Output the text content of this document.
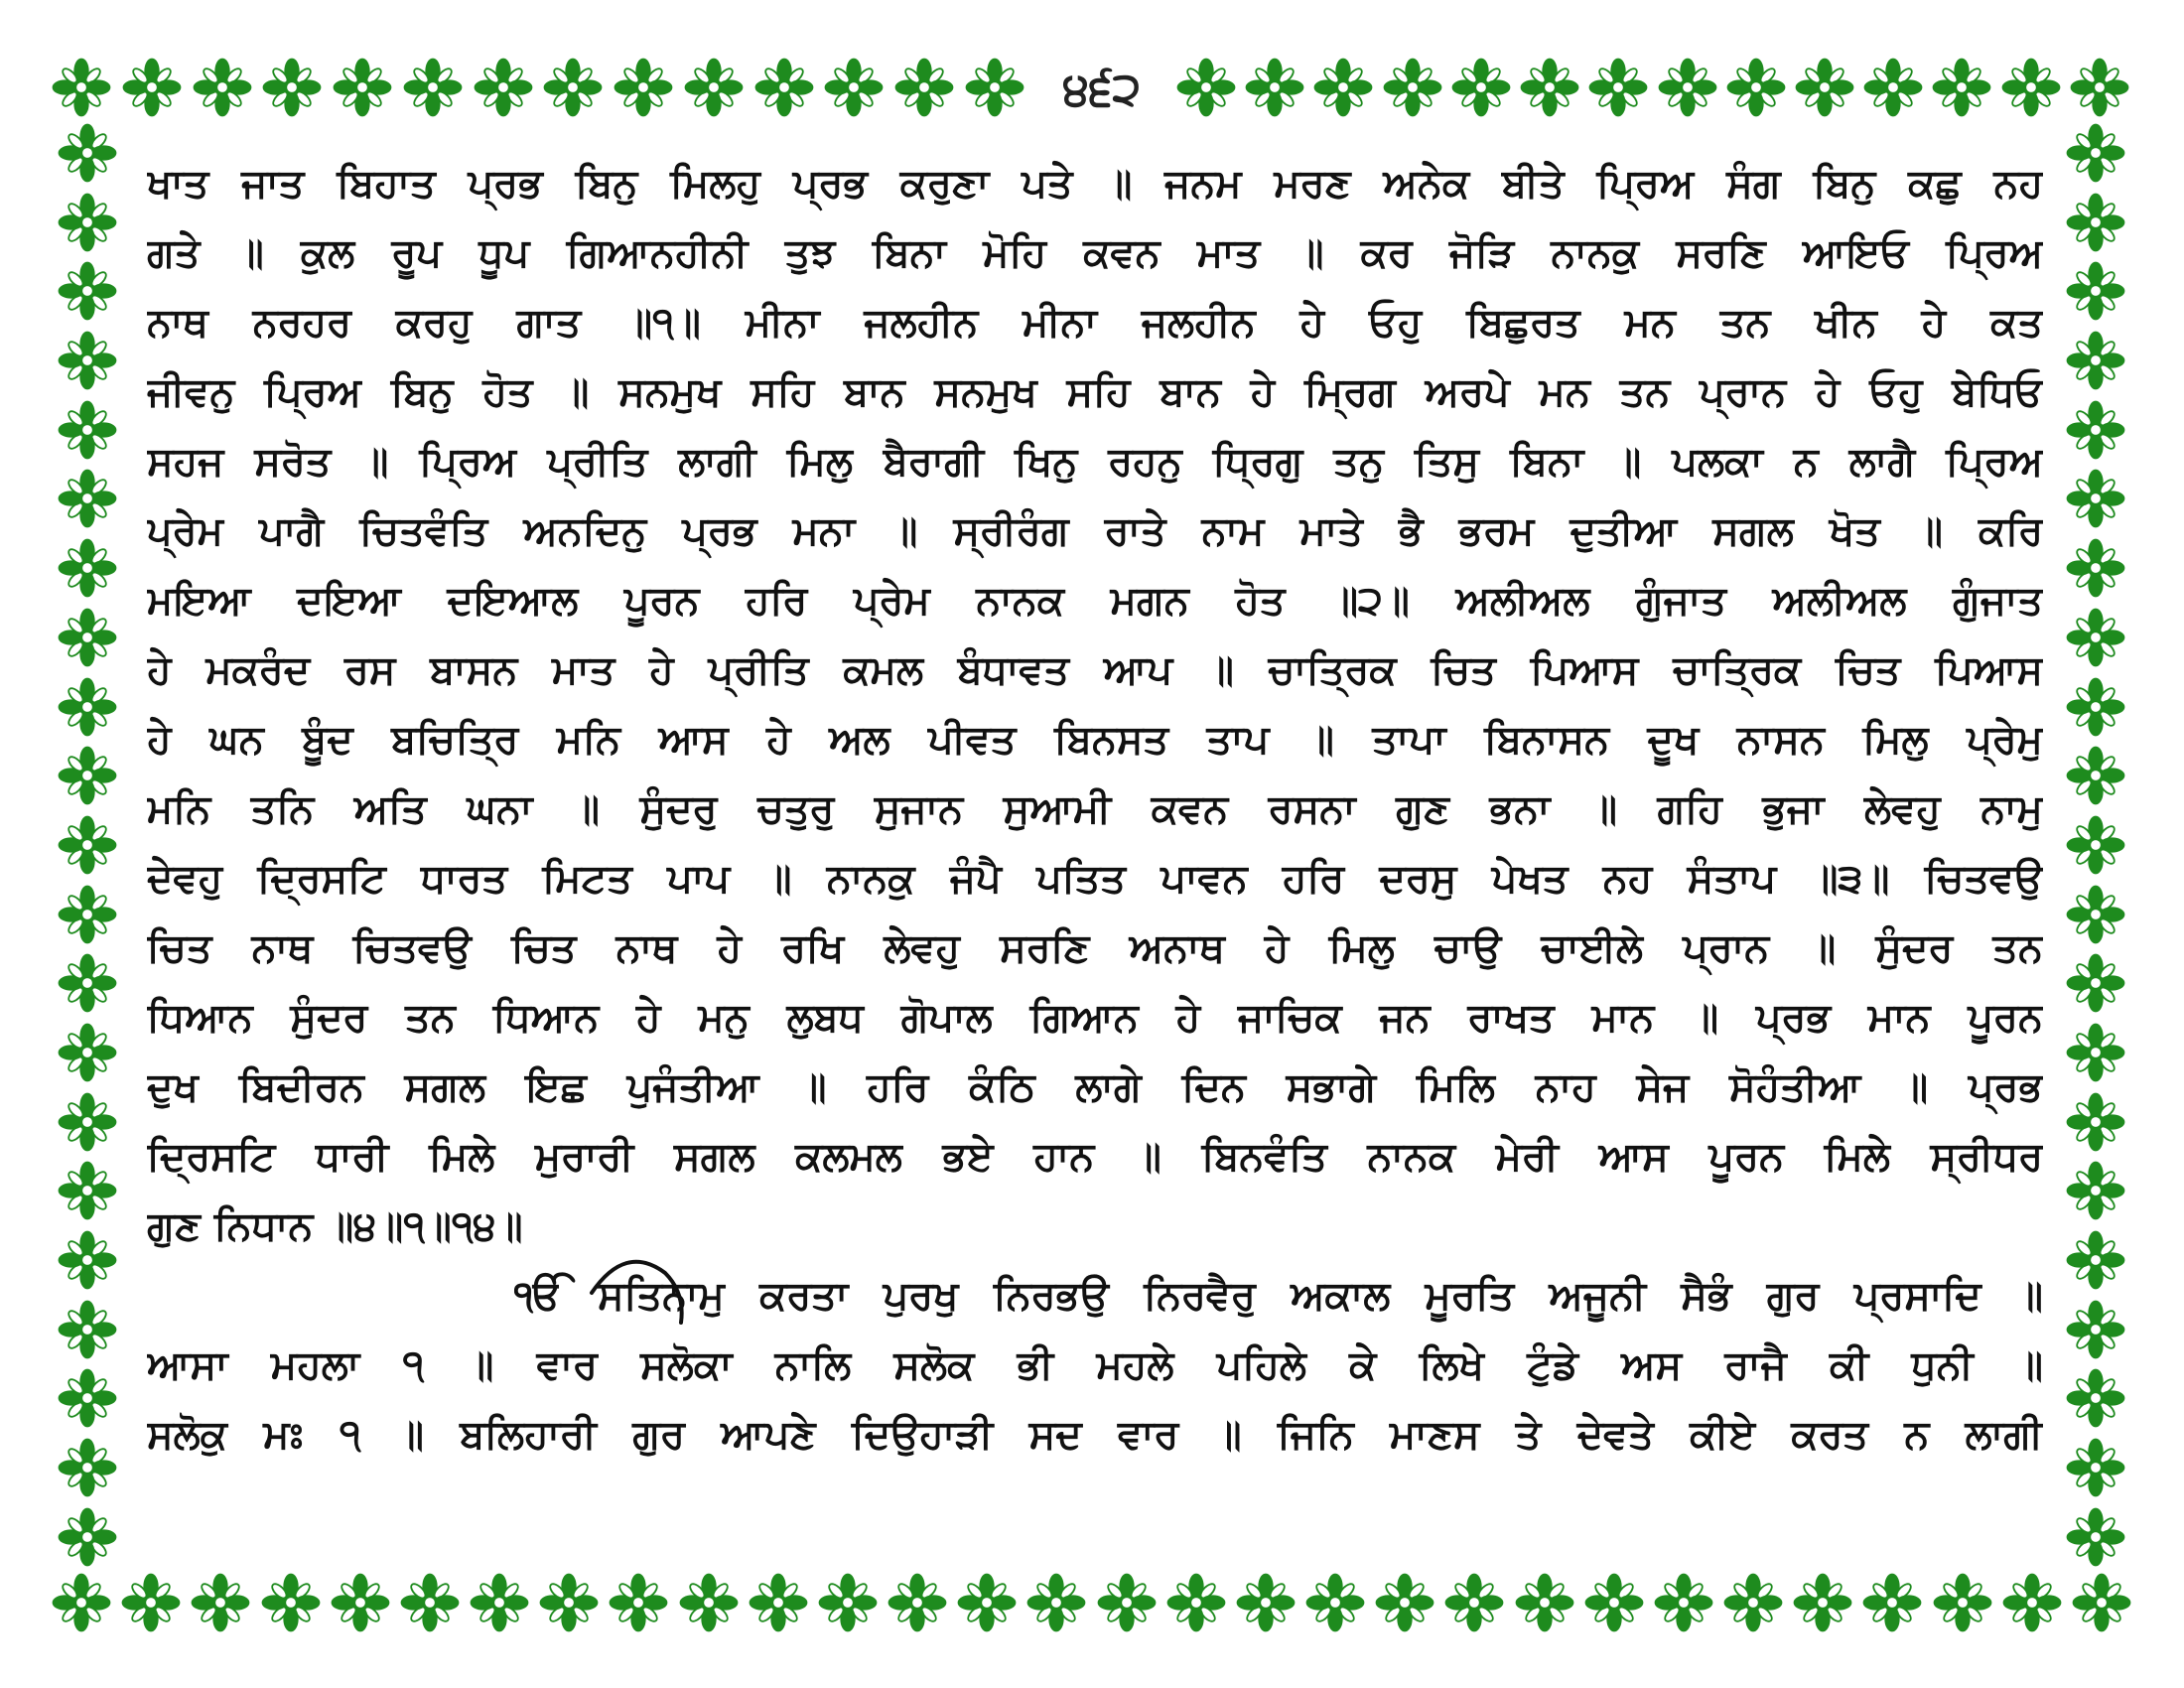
੪੬੨
ਖਾਤ ਜਾਤ ਬਿਹਾਤ ਪ੍ਰਭ ਬਿਨੁ ਮਿਲਹੁ ਪ੍ਰਭ ਕਰੁਣਾ ਪਤੇ ॥ ਜਨਮ ਮਰਣ ਅਨੇਕ ਬੀਤੇ ਪ੍ਰਿਅ ਸੰਗ ਬਿਨੁ ਕਛੁ ਨਹ
ਗਤੇ ॥ ਕੁਲ ਰੂਪ ਧੂਪ ਗਿਆਨਹੀਨੀ ਤੁਝ ਬਿਨਾ ਮੋਹਿ ਕਵਨ ਮਾਤ ॥ ਕਰ ਜੋੜਿ ਨਾਨਕੁ ਸਰਣਿ ਆਇਓ ਪ੍ਰਿਅ
ਨਾਥ ਨਰਹਰ ਕਰਹੁ ਗਾਤ ॥੧॥ ਮੀਨਾ ਜਲਹੀਨ ਮੀਨਾ ਜਲਹੀਨ ਹੇ ਓਹੁ ਬਿਛੁਰਤ ਮਨ ਤਨ ਖੀਨ ਹੇ ਕਤ
ਜੀਵਨੁ ਪ੍ਰਿਅ ਬਿਨੁ ਹੋਤ ॥ ਸਨਮੁਖ ਸਹਿ ਬਾਨ ਸਨਮੁਖ ਸਹਿ ਬਾਨ ਹੇ ਮ੍ਰਿਗ ਅਰਪੇ ਮਨ ਤਨ ਪ੍ਰਾਨ ਹੇ ਓਹੁ ਬੇਧਿਓ
ਸਹਜ ਸਰੋਤ ॥ ਪ੍ਰਿਅ ਪ੍ਰੀਤਿ ਲਾਗੀ ਮਿਲੁ ਬੈਰਾਗੀ ਖਿਨੁ ਰਹਨੁ ਧ੍ਰਿਗੁ ਤਨੁ ਤਿਸੁ ਬਿਨਾ ॥ ਪਲਕਾ ਨ ਲਾਗੈ ਪ੍ਰਿਅ
ਪ੍ਰੇਮ ਪਾਗੈ ਚਿਤਵੰਤਿ ਅਨਦਿਨੁ ਪ੍ਰਭ ਮਨਾ ॥ ਸ੍ਰੀਰੰਗ ਰਾਤੇ ਨਾਮ ਮਾਤੇ ਭੈ ਭਰਮ ਦੁਤੀਆ ਸਗਲ ਖੋਤ ॥ ਕਰਿ
ਮਇਆ ਦਇਆ ਦਇਆਲ ਪੂਰਨ ਹਰਿ ਪ੍ਰੇਮ ਨਾਨਕ ਮਗਨ ਹੋਤ ॥੨॥ ਅਲੀਅਲ ਗੁੰਜਾਤ ਅਲੀਅਲ ਗੁੰਜਾਤ
ਹੇ ਮਕਰੰਦ ਰਸ ਬਾਸਨ ਮਾਤ ਹੇ ਪ੍ਰੀਤਿ ਕਮਲ ਬੰਧਾਵਤ ਆਪ ॥ ਚਾਤ੍ਰਿਕ ਚਿਤ ਪਿਆਸ ਚਾਤ੍ਰਿਕ ਚਿਤ ਪਿਆਸ
ਹੇ ਘਨ ਬੂੰਦ ਬਚਿਤ੍ਰਿ ਮਨਿ ਆਸ ਹੇ ਅਲ ਪੀਵਤ ਬਿਨਸਤ ਤਾਪ ॥ ਤਾਪਾ ਬਿਨਾਸਨ ਦੂਖ ਨਾਸਨ ਮਿਲੁ ਪ੍ਰੇਮੁ
ਮਨਿ ਤਨਿ ਅਤਿ ਘਨਾ ॥ ਸੁੰਦਰੁ ਚਤੁਰੁ ਸੁਜਾਨ ਸੁਆਮੀ ਕਵਨ ਰਸਨਾ ਗੁਣ ਭਨਾ ॥ ਗਹਿ ਭੁਜਾ ਲੇਵਹੁ ਨਾਮੁ
ਦੇਵਹੁ ਦ੍ਰਿਸਟਿ ਧਾਰਤ ਮਿਟਤ ਪਾਪ ॥ ਨਾਨਕੁ ਜੰਪੈ ਪਤਿਤ ਪਾਵਨ ਹਰਿ ਦਰਸੁ ਪੇਖਤ ਨਹ ਸੰਤਾਪ ॥੩॥ ਚਿਤਵਉ
ਚਿਤ ਨਾਥ ਚਿਤਵਉ ਚਿਤ ਨਾਥ ਹੇ ਰਖਿ ਲੇਵਹੁ ਸਰਣਿ ਅਨਾਥ ਹੇ ਮਿਲੁ ਚਾਉ ਚਾਈਲੇ ਪ੍ਰਾਨ ॥ ਸੁੰਦਰ ਤਨ
ਧਿਆਨ ਸੁੰਦਰ ਤਨ ਧਿਆਨ ਹੇ ਮਨੁ ਲੁਬਧ ਗੋਪਾਲ ਗਿਆਨ ਹੇ ਜਾਚਿਕ ਜਨ ਰਾਖਤ ਮਾਨ ॥ ਪ੍ਰਭ ਮਾਨ ਪੂਰਨ
ਦੁਖ ਬਿਦੀਰਨ ਸਗਲ ਇਛ ਪੁਜੰਤੀਆ ॥ ਹਰਿ ਕੰਠਿ ਲਾਗੇ ਦਿਨ ਸਭਾਗੇ ਮਿਲਿ ਨਾਹ ਸੇਜ ਸੋਹੰਤੀਆ ॥ ਪ੍ਰਭ
ਦ੍ਰਿਸਟਿ ਧਾਰੀ ਮਿਲੇ ਮੁਰਾਰੀ ਸਗਲ ਕਲਮਲ ਭਏ ਹਾਨ ॥ ਬਿਨਵੰਤਿ ਨਾਨਕ ਮੇਰੀ ਆਸ ਪੂਰਨ ਮਿਲੇ ਸ੍ਰੀਧਰ
ਗੁਣ ਨਿਧਾਨ ॥੪॥੧॥੧੪॥
ੴ ਸਤਿਨਾਮੁ ਕਰਤਾ ਪੁਰਖੁ ਨਿਰਭਉ ਨਿਰਵੈਰੁ ਅਕਾਲ ਮੂਰਤਿ ਅਜੂਨੀ ਸੈਭੰ ਗੁਰ ਪ੍ਰਸਾਦਿ ॥
ਆਸਾ ਮਹਲਾ ੧ ॥ ਵਾਰ ਸਲੋਕਾ ਨਾਲਿ ਸਲੋਕ ਭੀ ਮਹਲੇ ਪਹਿਲੇ ਕੇ ਲਿਖੇ ਟੁੰਡੇ ਅਸ ਰਾਜੈ ਕੀ ਧੁਨੀ ॥
ਸਲੋਕੁ ਮਃ ੧ ॥ ਬਲਿਹਾਰੀ ਗੁਰ ਆਪਣੇ ਦਿਉਹਾੜੀ ਸਦ ਵਾਰ ॥ ਜਿਨਿ ਮਾਣਸ ਤੇ ਦੇਵਤੇ ਕੀਏ ਕਰਤ ਨ ਲਾਗੀ
